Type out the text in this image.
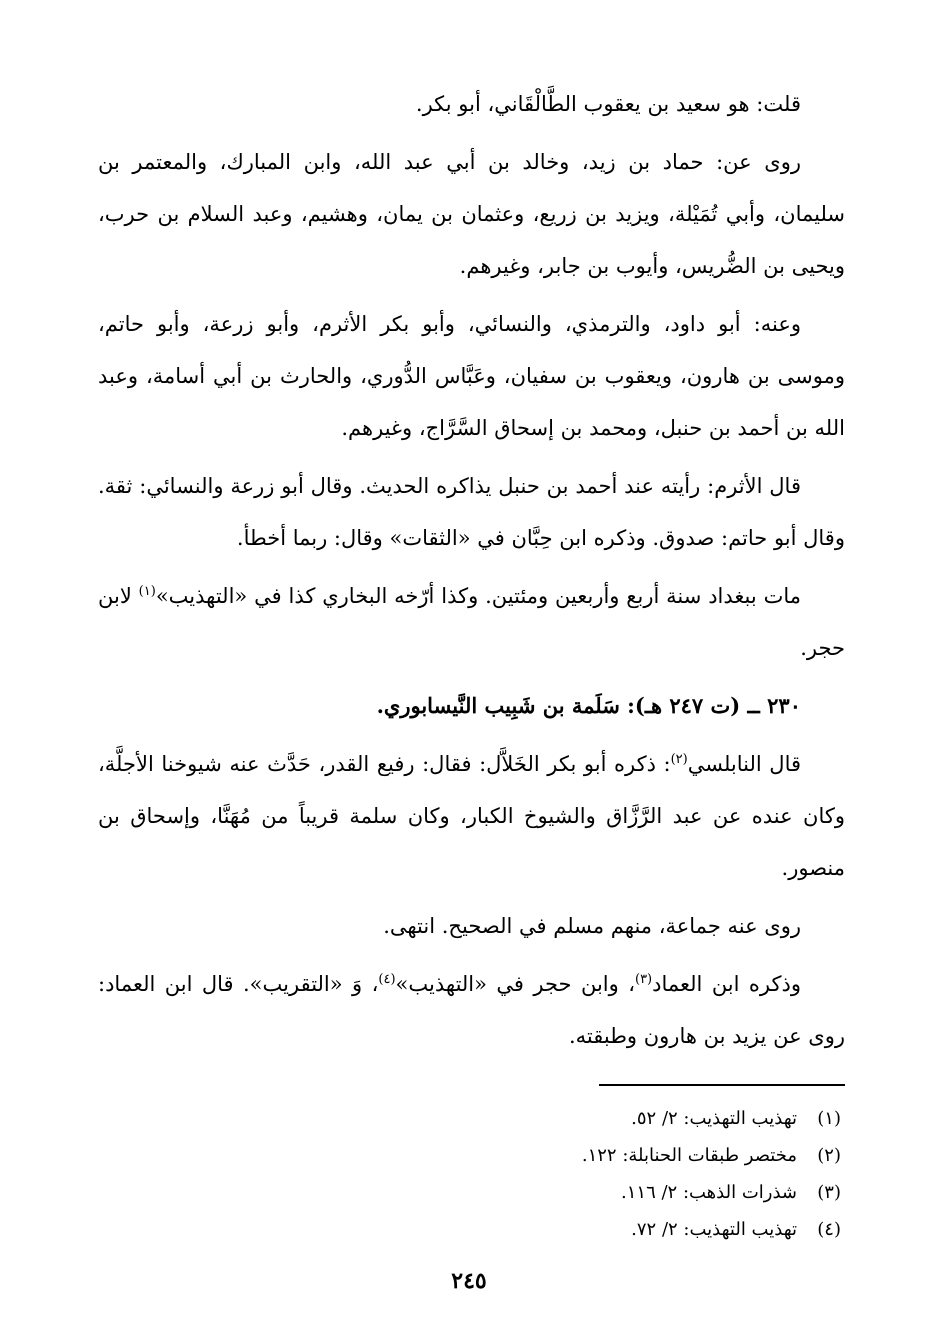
قلت: هو سعيد بن يعقوب الطَّالْقَاني، أبو بكر.

روى عن: حماد بن زيد، وخالد بن أبي عبد الله، وابن المبارك، والمعتمر بن سليمان، وأبي تُمَيْلة، ويزيد بن زريع، وعثمان بن يمان، وهشيم، وعبد السلام بن حرب، ويحيى بن الضُّريس، وأيوب بن جابر، وغيرهم.

وعنه: أبو داود، والترمذي، والنسائي، وأبو بكر الأثرم، وأبو زرعة، وأبو حاتم، وموسى بن هارون، ويعقوب بن سفيان، وعَبَّاس الدُّوري، والحارث بن أبي أسامة، وعبد الله بن أحمد بن حنبل، ومحمد بن إسحاق السَّرَّاج، وغيرهم.

قال الأثرم: رأيته عند أحمد بن حنبل يذاكره الحديث. وقال أبو زرعة والنسائي: ثقة. وقال أبو حاتم: صدوق. وذكره ابن حِبَّان في «الثقات» وقال: ربما أخطأ.

مات ببغداد سنة أربع وأربعين ومئتين. وكذا أرّخه البخاري كذا في «التهذيب»$^{(١)}$ لابن حجر.

٢٣٠ ــ (ت ٢٤٧ هـ): سَلَمة بن شَبِيب النَّيسابوري.

قال النابلسي$^{(٢)}$: ذكره أبو بكر الخَلاَّل: فقال: رفيع القدر، حَدَّث عنه شيوخنا الأجلَّة، وكان عنده عن عبد الرَّزَّاق والشيوخ الكبار، وكان سلمة قريباً من مُهَنَّا، وإسحاق بن منصور.

روى عنه جماعة، منهم مسلم في الصحيح. انتهى.

وذكره ابن العماد$^{(٣)}$، وابن حجر في «التهذيب»$^{(٤)}$، وَ «التقريب». قال ابن العماد: روى عن يزيد بن هارون وطبقته.

(١)
تهذيب التهذيب: ٢/ ٥٢.
(٢)
مختصر طبقات الحنابلة: ١٢٢.
(٣)
شذرات الذهب: ٢/ ١١٦.
(٤)
تهذيب التهذيب: ٢/ ٧٢.
٢٤٥
